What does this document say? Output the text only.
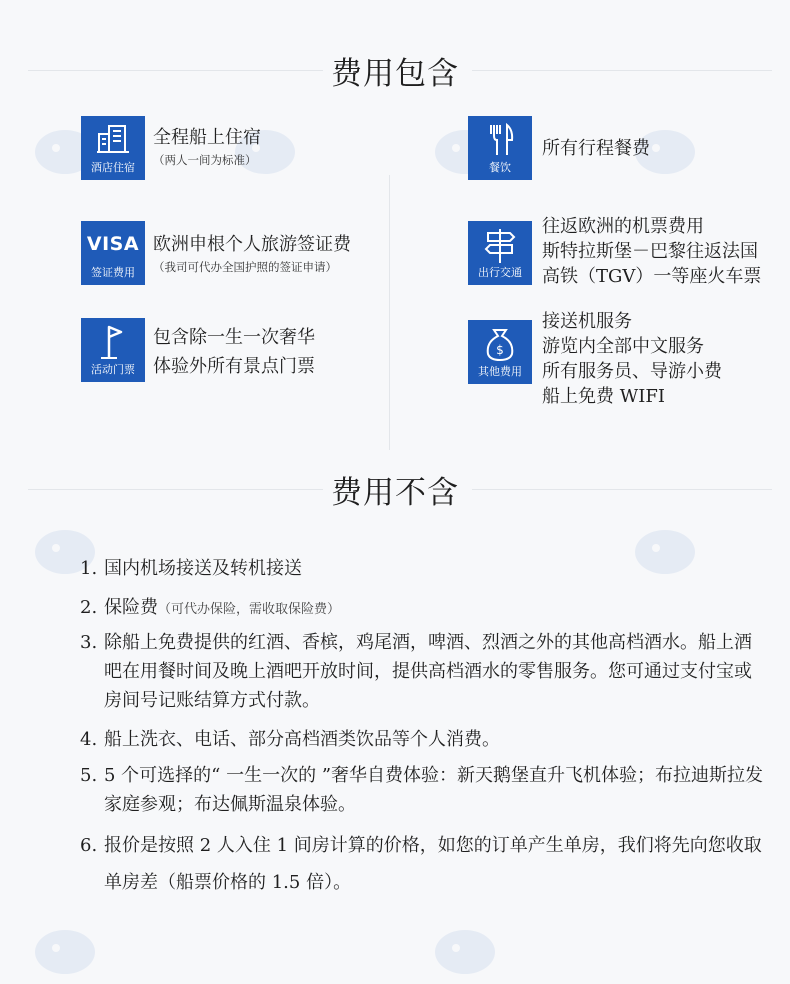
费用包含
酒店住宿
全程船上住宿
（两人一间为标准）
餐饮
所有行程餐费
VISA
签证费用
欧洲申根个人旅游签证费
（我司可代办全国护照的签证申请）	出行交通
往返欧洲的机票费用
斯特拉斯堡－巴黎往返法国
高铁（TGV）一等座火车票
活动门票
包含除一生一次奢华
体验外所有景点门票
$
其他费用
接送机服务
游览内全部中文服务
所有服务员、导游小费
船上免费 WIFI
费用不含
1. 国内机场接送及转机接送
2. 保险费（可代办保险，需收取保险费）
3. 除船上免费提供的红酒、香槟，鸡尾酒，啤酒、烈酒之外的其他高档酒水。船上酒吧在用餐时间及晚上酒吧开放时间，提供高档酒水的零售服务。您可通过支付宝或房间号记账结算方式付款。
4. 船上洗衣、电话、部分高档酒类饮品等个人消费。
5.5 个可选择的“ 一生一次的 ”奢华自费体验：新天鹅堡直升飞机体验；布拉迪斯拉发家庭参观；布达佩斯温泉体验。
6. 报价是按照 2 人入住 1 间房计算的价格，如您的订单产生单房，我们将先向您收取单房差（船票价格的 1.5 倍）。
